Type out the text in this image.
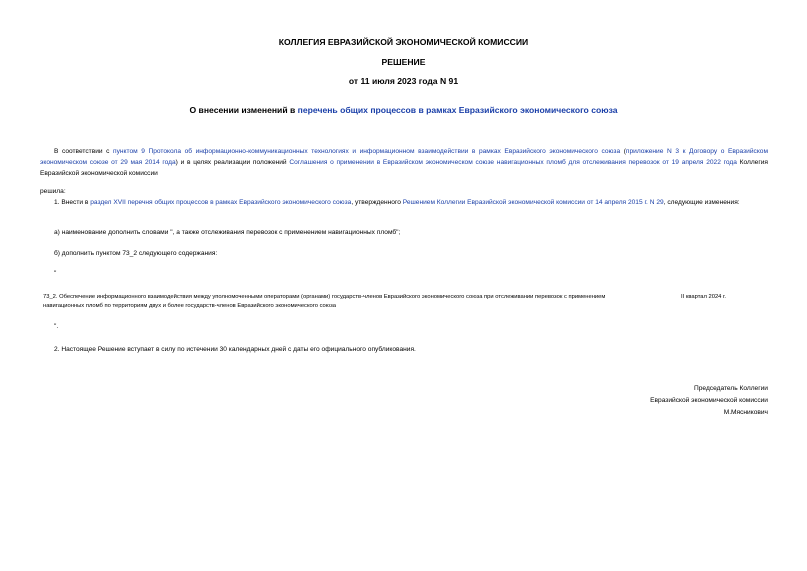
КОЛЛЕГИЯ ЕВРАЗИЙСКОЙ ЭКОНОМИЧЕСКОЙ КОМИССИИ
РЕШЕНИЕ
от 11 июля 2023 года N 91
О внесении изменений в перечень общих процессов в рамках Евразийского экономического союза
В соответствии с пунктом 9 Протокола об информационно-коммуникационных технологиях и информационном взаимодействии в рамках Евразийского экономического союза (приложение N 3 к Договору о Евразийском экономическом союзе от 29 мая 2014 года) и в целях реализации положений Соглашения о применении в Евразийском экономическом союзе навигационных пломб для отслеживания перевозок от 19 апреля 2022 года Коллегия Евразийской экономической комиссии
решила:
1. Внести в раздел XVII перечня общих процессов в рамках Евразийского экономического союза, утвержденного Решением Коллегии Евразийской экономической комиссии от 14 апреля 2015 г. N 29, следующие изменения:
а) наименование дополнить словами ", а также отслеживания перевозок с применением навигационных пломб";
б) дополнить пунктом 73_2 следующего содержания:
"
73_2. Обеспечение информационного взаимодействия между уполномоченными операторами (органами) государств-членов Евразийского экономического союза при отслеживании перевозок с применением навигационных пломб по территориям двух и более государств-членов Евразийского экономического союза
II квартал 2024 г.
".
2. Настоящее Решение вступает в силу по истечении 30 календарных дней с даты его официального опубликования.
Председатель Коллегии
Евразийской экономической комиссии
М.Мясникович
